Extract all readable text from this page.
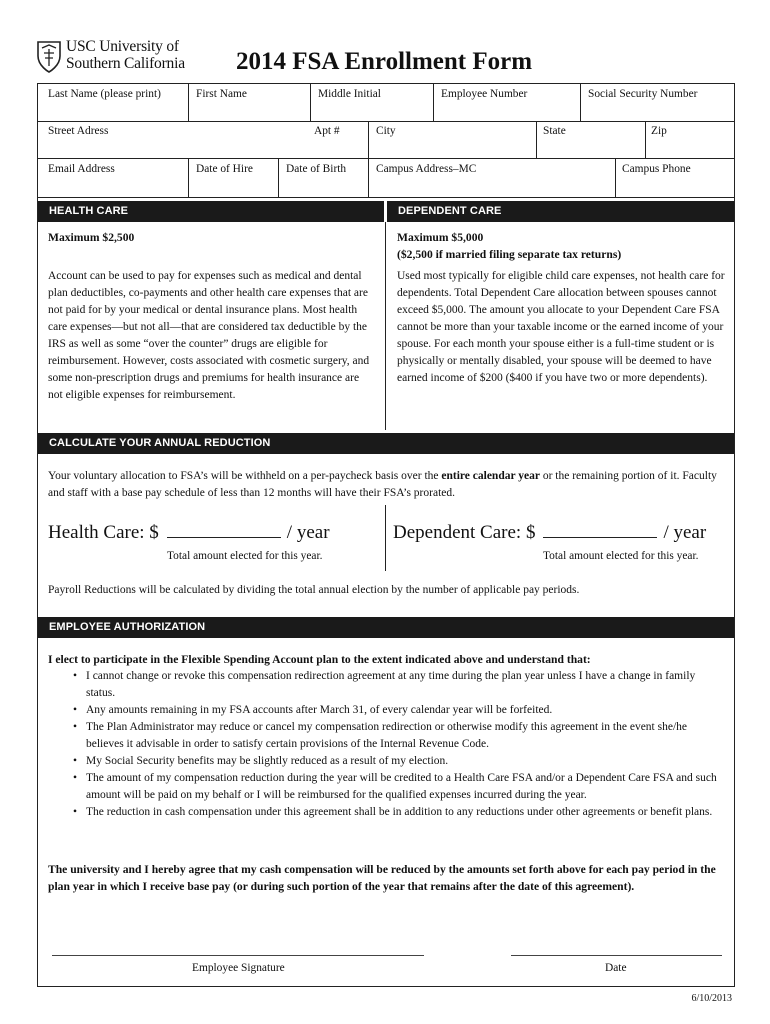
USC University of
Southern California 2014 FSA Enrollment Form
Last Name (please print)	First Name	Middle Initial	Employee Number	Social Security Number
Street Adress	Apt #	City	State	Zip
Email Address	Date of Hire	Date of Birth	Campus Address–MC	Campus Phone
HEALTH CARE	DEPENDENT CARE
Maximum $2,500
Account can be used to pay for expenses such as medical and dental plan deductibles, co-payments and other health care expenses that are not paid for by your medical or dental insurance plans. Most health care expenses—but not all—that are considered tax deductible by the IRS as well as some “over the counter” drugs are eligible for reimbursement. However, costs associated with cosmetic surgery, and some non-prescription drugs and premiums for health insurance are not eligible expenses for reimbursement.
Maximum $5,000
($2,500 if married filing separate tax returns)
Used most typically for eligible child care expenses, not health care for dependents. Total Dependent Care allocation between spouses cannot exceed $5,000. The amount you allocate to your Dependent Care FSA cannot be more than your taxable income or the earned income of your spouse. For each month your spouse either is a full-time student or is physically or mentally disabled, your spouse will be deemed to have earned income of $200 ($400 if you have two or more dependents).
CALCULATE YOUR ANNUAL REDUCTION
Your voluntary allocation to FSA’s will be withheld on a per-paycheck basis over the entire calendar year or the remaining portion of it. Faculty and staff with a base pay schedule of less than 12 months will have their FSA’s prorated.
Health Care: $	/ year
Total amount elected for this year.
Dependent Care: $	/ year
Total amount elected for this year.
Payroll Reductions will be calculated by dividing the total annual election by the number of applicable pay periods.
EMPLOYEE AUTHORIZATION
I elect to participate in the Flexible Spending Account plan to the extent indicated above and understand that:
• I cannot change or revoke this compensation redirection agreement at any time during the plan year unless I have a change in family status.
• Any amounts remaining in my FSA accounts after March 31, of every calendar year will be forfeited.
• The Plan Administrator may reduce or cancel my compensation redirection or otherwise modify this agreement in the event she/he believes it advisable in order to satisfy certain provisions of the Internal Revenue Code.
• My Social Security benefits may be slightly reduced as a result of my election.
• The amount of my compensation reduction during the year will be credited to a Health Care FSA and/or a Dependent Care FSA and such amount will be paid on my behalf or I will be reimbursed for the qualified expenses incurred during the year.
• The reduction in cash compensation under this agreement shall be in addition to any reductions under other agreements or benefit plans.
The university and I hereby agree that my cash compensation will be reduced by the amounts set forth above for each pay period in the plan year in which I receive base pay (or during such portion of the year that remains after the date of this agreement).
Employee Signature	Date
6/10/2013
